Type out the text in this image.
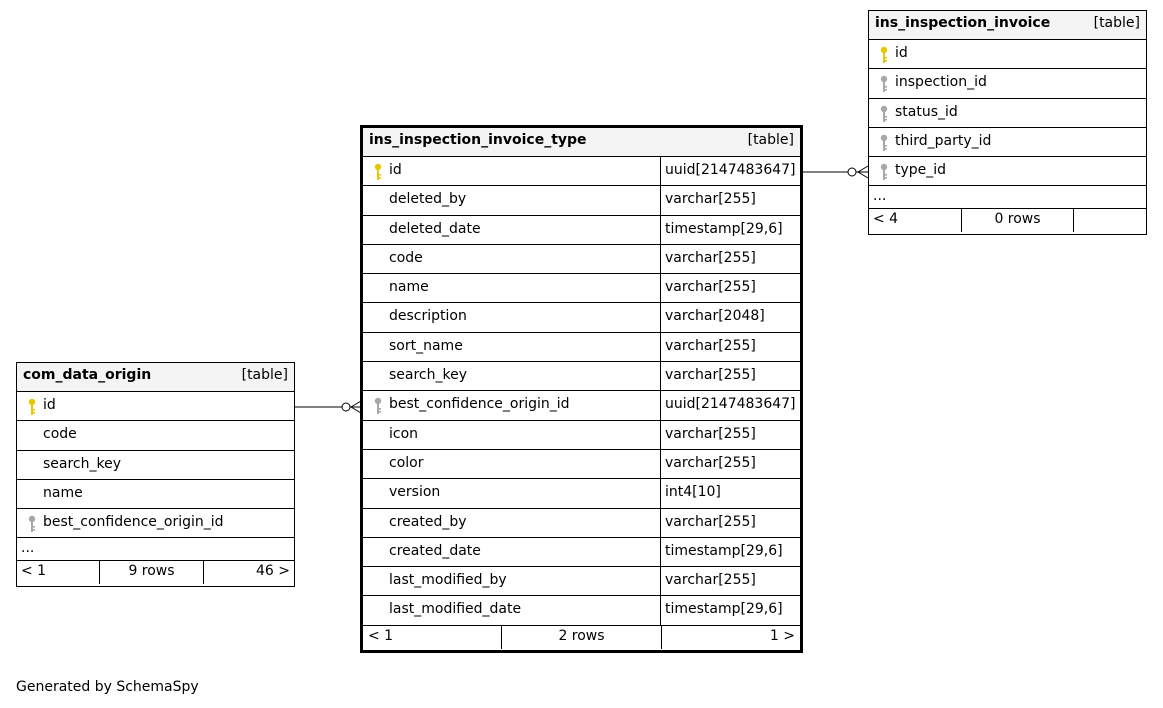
ins_inspection_invoice	[table]
id
inspection_id
status_id
third_party_id
type_id
...
< 4	0 rows
ins_inspection_invoice_type	[table]
id	uuid[2147483647]
deleted_by	varchar[255]
deleted_date	timestamp[29,6]
code	varchar[255]
name	varchar[255]
description	varchar[2048]
sort_name	varchar[255]
search_key	varchar[255]
best_confidence_origin_id	uuid[2147483647]
icon	varchar[255]
color	varchar[255]
version	int4[10]
created_by	varchar[255]
created_date	timestamp[29,6]
last_modified_by	varchar[255]
last_modified_date	timestamp[29,6]
< 1	2 rows	1 >
com_data_origin	[table]
id
code
search_key
name
best_confidence_origin_id
...
< 1	9 rows	46 >
Generated by SchemaSpy
